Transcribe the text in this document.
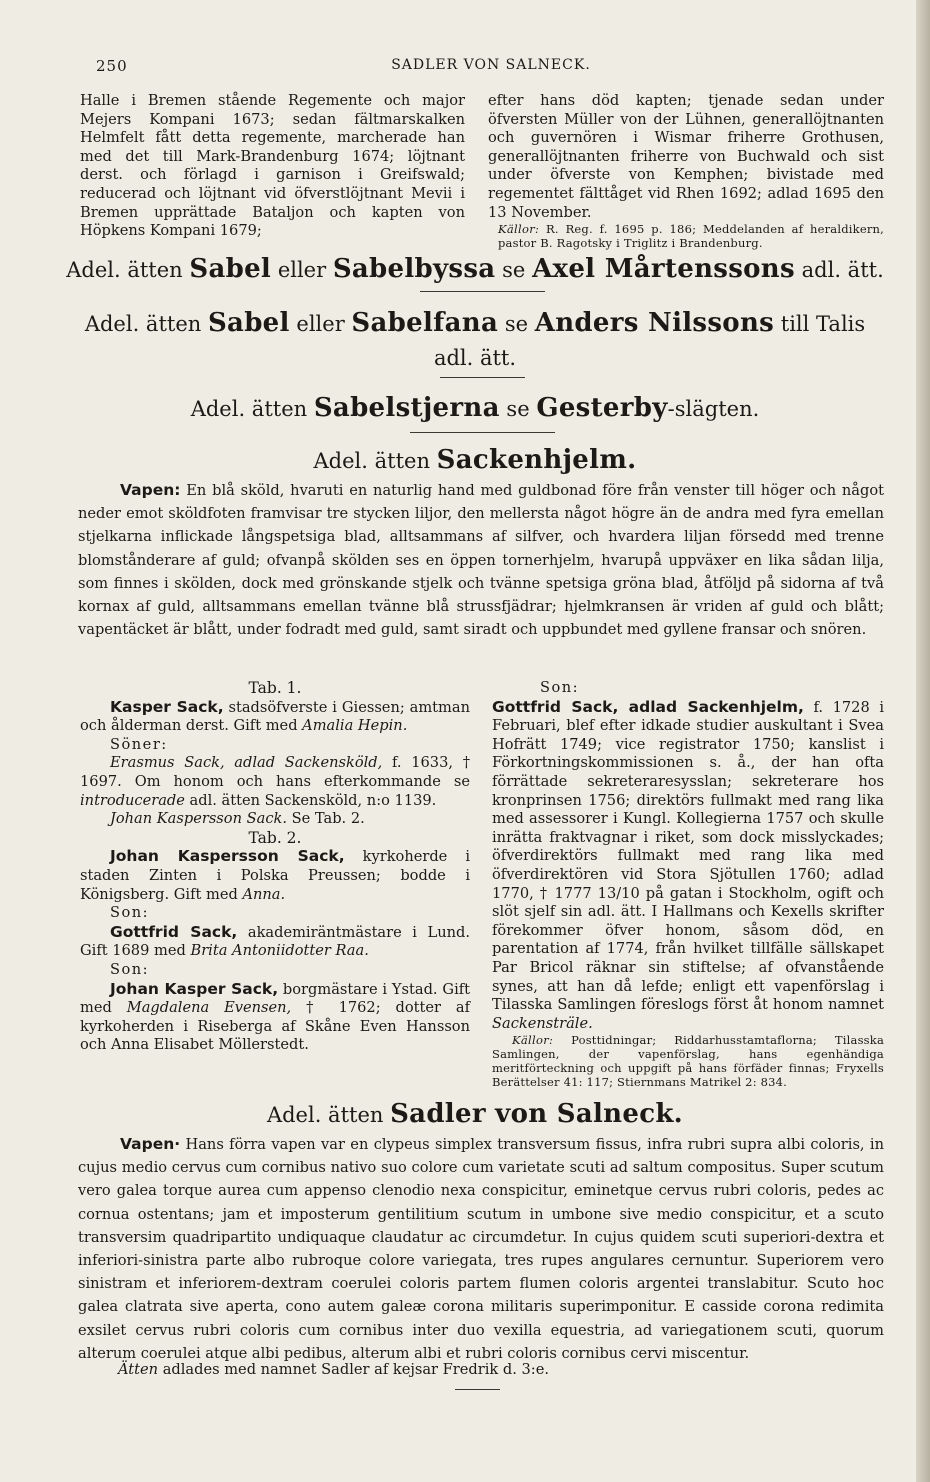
250	SADLER VON SALNECK.

Halle i Bremen stående Regementе och major Mejers Kompani 1673; sedan fältmarskalken Helmfelt fått detta regemente, marcherade han med det till Mark-Brandenburg 1674; löjtnant derst. och förlagd i garnison i Greifswald; reducerad och löjtnant vid öfverstlöjtnant Mevii i Bremen upprättade Bataljon och kapten von Höpkens Kompani 1679;

efter hans död kapten; tjenade sedan under öfversten Müller von der Lühnen, generallöjtnanten och guvernören i Wismar friherre Grothusen, generallöjtnanten friherre von Buchwald och sist under öfverste von Kemphen; bivistade med regementet fälttåget vid Rhen 1692; adlad 1695 den 13 November.

Källor: R. Reg. f. 1695 p. 186; Meddelanden af heraldikern, pastor B. Ragotsky i Triglitz i Brandenburg.

Adel. ätten Sabel eller Sabelbyssa se Axel Mårtenssons adl. ätt.
Adel. ätten Sabel eller Sabelfana se Anders Nilssons till Talis
adl. ätt.
Adel. ätten Sabelstjerna se Gesterby-slägten.
Adel. ätten Sackenhjelm.

Vapen: En blå sköld, hvaruti en naturlig hand med guldbonad före från venster till höger och något neder emot sköldfoten framvisar tre stycken liljor, den mellersta något högre än de andra med fyra emellan stjelkarna inflickade långspetsiga blad, alltsammans af silfver, och hvardera liljan försedd med trenne blomstånderare af guld; ofvanpå skölden ses en öppen tornerhjelm, hvarupå uppväxer en lika sådan lilja, som finnes i skölden, dock med grönskande stjelk och tvänne spetsiga gröna blad, åtföljd på sidorna af två kornax af guld, alltsammans emellan tvänne blå strussfjädrar; hjelmkransen är vriden af guld och blått; vapentäcket är blått, under fodradt med guld, samt siradt och uppbundet med gyllene fransar och snören.

Tab. 1.

Kasper Sack, stadsöfverste i Giessen; amtman och ålderman derst. Gift med Amalia Hepin.

Söner:

Erasmus Sack, adlad Sackensköld, f. 1633, † 1697. Om honom och hans efterkommande se introducerade adl. ätten Sackensköld, n:o 1139.

Johan Kaspersson Sack. Se Tab. 2.

Tab. 2.

Johan Kaspersson Sack, kyrkoherde i staden Zinten i Polska Preussen; bodde i Königsberg. Gift med Anna.

Son:

Gottfrid Sack, akademiräntmästare i Lund. Gift 1689 med Brita Antoniidotter Raa.

Son:

Johan Kasper Sack, borgmästare i Ystad. Gift med Magdalena Evensen, † 1762; dotter af kyrkoherden i Riseberga af Skåne Even Hansson och Anna Elisabet Möllerstedt.

Son:

Gottfrid Sack, adlad Sackenhjelm, f. 1728 i Februari, blef efter idkade studier auskultant i Svea Hofrätt 1749; vice registrator 1750; kanslist i Förkortningskommissionen s. å., der han ofta förrättade sekreteraresysslan; sekreterare hos kronprinsen 1756; direktörs fullmakt med rang lika med assessorer i Kungl. Kollegierna 1757 och skulle inrätta fraktvagnar i riket, som dock misslyckades; öfverdirektörs fullmakt med rang lika med öfverdirektören vid Stora Sjötullen 1760; adlad 1770, † 1777 13/10 på gatan i Stockholm, ogift och slöt sjelf sin adl. ätt. I Hallmans och Kexells skrifter förekommer öfver honom, såsom död, en parentation af 1774, från hvilket tillfälle sällskapet Par Bricol räknar sin stiftelse; af ofvanstående synes, att han då lefde; enligt ett vapenförslag i Tilasska Samlingen föreslogs först åt honom namnet Sackensträle.

Källor: Posttidningar; Riddarhusstamtaflorna; Tilasska Samlingen, der vapenförslag, hans egenhändiga meritförteckning och uppgift på hans förfäder finnas; Fryxells Berättelser 41: 117; Stiernmans Matrikel 2: 834.

Adel. ätten Sadler von Salneck.

Vapen· Hans förra vapen var en clypeus simplex transversum fissus, infra rubri supra albi coloris, in cujus medio cervus cum cornibus nativo suo colore cum varietate scuti ad saltum compositus. Super scutum vero galea torque aurea cum appenso clenodio nexa conspicitur, eminetque cervus rubri coloris, pedes ac cornua ostentans; jam et imposterum gentilitium scutum in umbone sive medio conspicitur, et a scuto transversim quadripartito undiquaque claudatur ac circumdetur. In cujus quidem scuti superiori-dextra et inferiori-sinistra parte albo rubroque colore variegata, tres rupes angulares cernuntur. Superiorem vero sinistram et inferiorem-dextram coerulei coloris partem flumen coloris argentei translabitur. Scuto hoc galea clatrata sive aperta, cono autem galeæ corona militaris superimponitur. E casside corona redimita exsilet cervus rubri coloris cum cornibus inter duo vexilla equestria, ad variegationem scuti, quorum alterum coerulei atque albi pedibus, alterum albi et rubri coloris cornibus cervi miscentur.

Ätten adlades med namnet Sadler af kejsar Fredrik d. 3:e.
